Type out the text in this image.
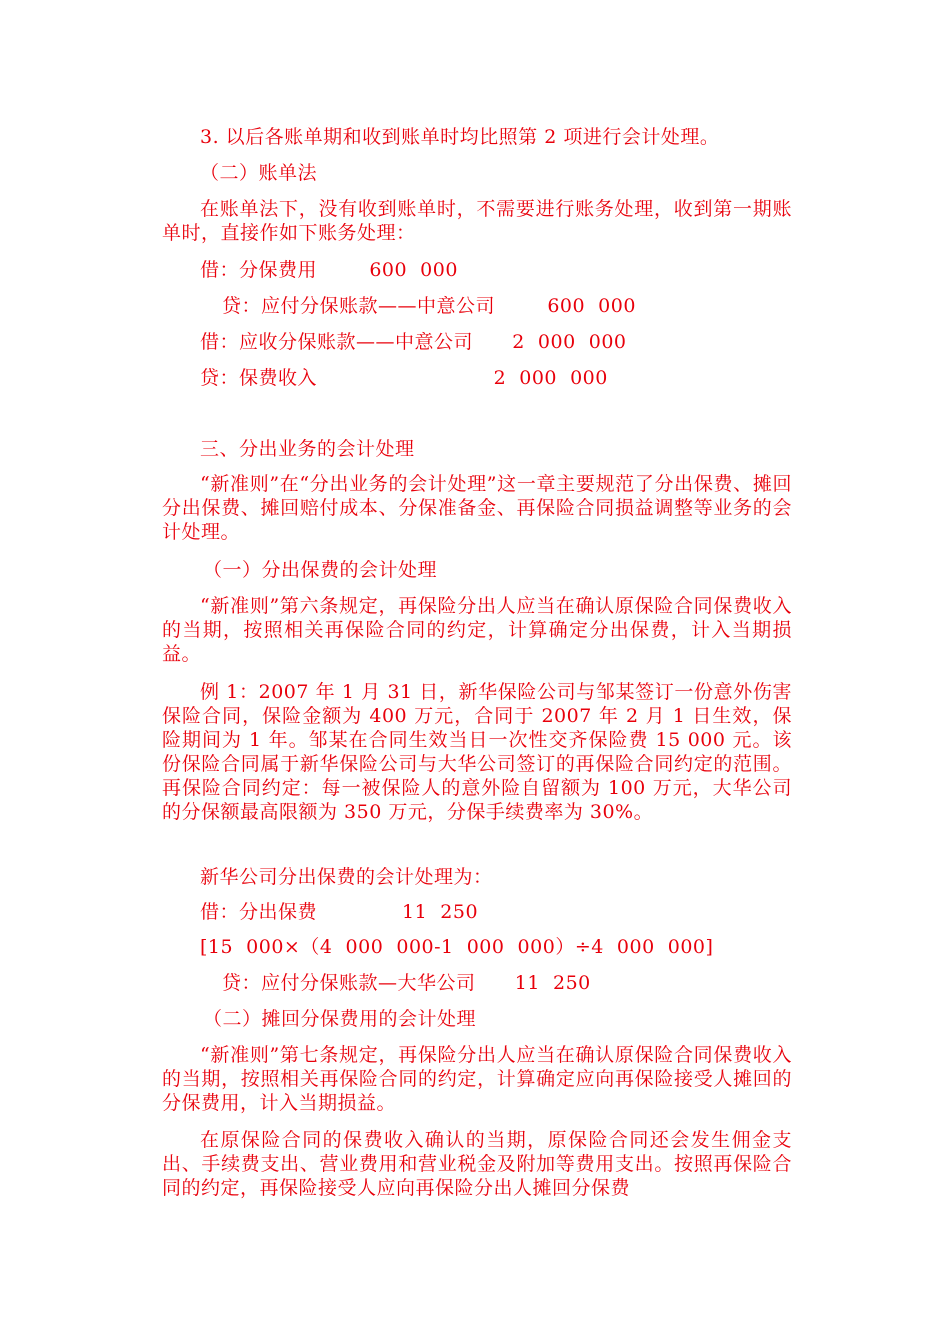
3. 以后各账单期和收到账单时均比照第 2 项进行会计处理。

（二）账单法

在账单法下，没有收到账单时，不需要进行账务处理，收到第一期账单时，直接作如下账务处理：

借：分保费用        600  000

贷：应付分保账款——中意公司        600  000

借：应收分保账款——中意公司      2  000  000

贷：保费收入                           2  000  000

三、分出业务的会计处理

“新准则”在“分出业务的会计处理”这一章主要规范了分出保费、摊回分出保费、摊回赔付成本、分保准备金、再保险合同损益调整等业务的会计处理。

（一）分出保费的会计处理

“新准则”第六条规定，再保险分出人应当在确认原保险合同保费收入的当期，按照相关再保险合同的约定，计算确定分出保费，计入当期损益。

例 1：2007 年 1 月 31 日，新华保险公司与邹某签订一份意外伤害保险合同，保险金额为 400 万元，合同于 2007 年 2 月 1 日生效，保险期间为 1 年。邹某在合同生效当日一次性交齐保险费 15 000 元。该份保险合同属于新华保险公司与大华公司签订的再保险合同约定的范围。再保险合同约定：每一被保险人的意外险自留额为 100 万元，大华公司的分保额最高限额为 350 万元，分保手续费率为 30%。

新华公司分出保费的会计处理为：

借：分出保费             11  250

[15  000×（4  000  000-1  000  000）÷4  000  000]

贷：应付分保账款—大华公司      11  250

（二）摊回分保费用的会计处理

“新准则”第七条规定，再保险分出人应当在确认原保险合同保费收入的当期，按照相关再保险合同的约定，计算确定应向再保险接受人摊回的分保费用，计入当期损益。

在原保险合同的保费收入确认的当期，原保险合同还会发生佣金支出、手续费支出、营业费用和营业税金及附加等费用支出。按照再保险合同的约定，再保险接受人应向再保险分出人摊回分保费
